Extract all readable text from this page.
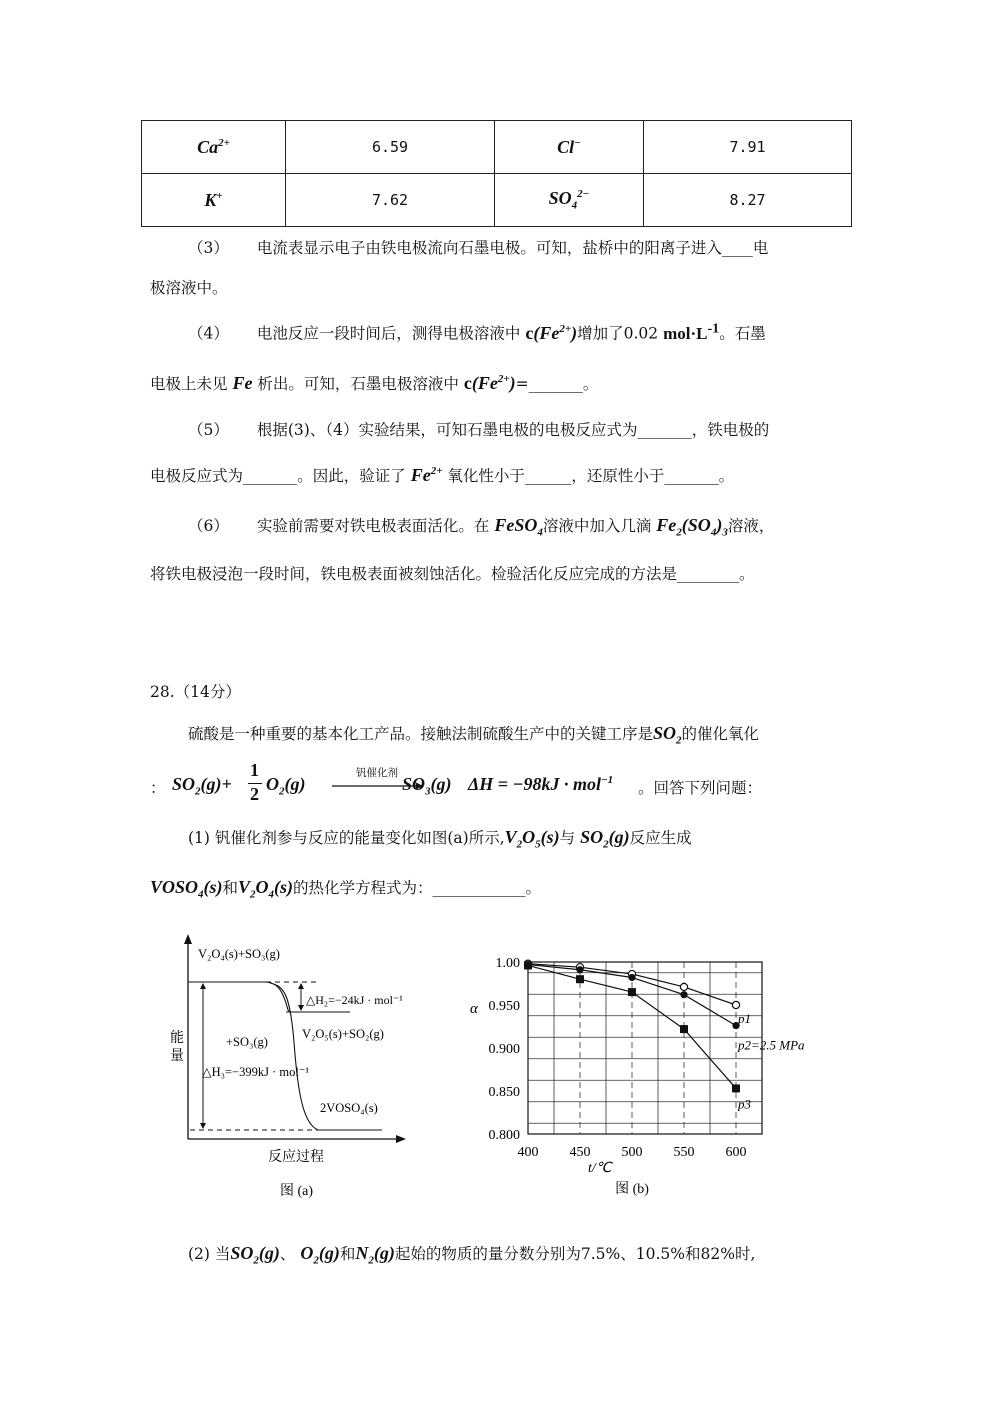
$Ca^{2+}$	6.59	Cl−	7.91
K+	7.62	$SO_4^{2-}$	8.27
（3） 电流表显示电子由铁电极流向石墨电极。可知，盐桥中的阳离子进入____电
极溶液中。
（4） 电池反应一段时间后，测得电极溶液中 $c(Fe^{2+})$增加了0.02 $mol\cdot L^{-1}$。石墨
电极上未见 Fe 析出。可知，石墨电极溶液中 $c(Fe^{2+})=\_\_\_\_\_\_\_$。
（5） 根据(3)、（4）实验结果，可知石墨电极的电极反应式为_______，铁电极的
电极反应式为_______。因此，验证了 $Fe^{2+}$ 氧化性小于______，还原性小于_______。
（6） 实验前需要对铁电极表面活化。在 FeSO$_4$溶液中加入几滴 $Fe_2(SO_4)_3$溶液，
将铁电极浸泡一段时间，铁电极表面被刻蚀活化。检验活化反应完成的方法是________。
28.（14分）
硫酸是一种重要的基本化工产品。接触法制硫酸生产中的关键工序是$SO_2$的催化氧化
： $SO_2(g)+$
1
2 $O_2(g)$
钒催化剂
$SO_3(g) \Delta H = -98kJ \cdot mol^{-1}$ 。回答下列问题：
(1) 钒催化剂参与反应的能量变化如图(a)所示$,V_2O_5(s)$与 $SO_2(g)$反应生成
$VOSO_4(s)$和$V_2O_4(s)$的热化学方程式为：____________。
能
量
V₂O₄(s)+SO₃(g)
△H₂=−24kJ · mol⁻¹
+SO₃(g)
V₂O₅(s)+SO₂(g)
△H₃=−399kJ · mol⁻¹
2VOSO₄(s)
反应过程
图 (a)
1.00
0.950
0.900
0.850
0.800
400 450 500 550 600
α
t/℃
图 (b)
p1
p2=2.5 MPa
p3
(2) 当$SO_2(g)$、 $O_2(g)$和$N_2(g)$起始的物质的量分数分别为7.5%、10.5%和82%时,
